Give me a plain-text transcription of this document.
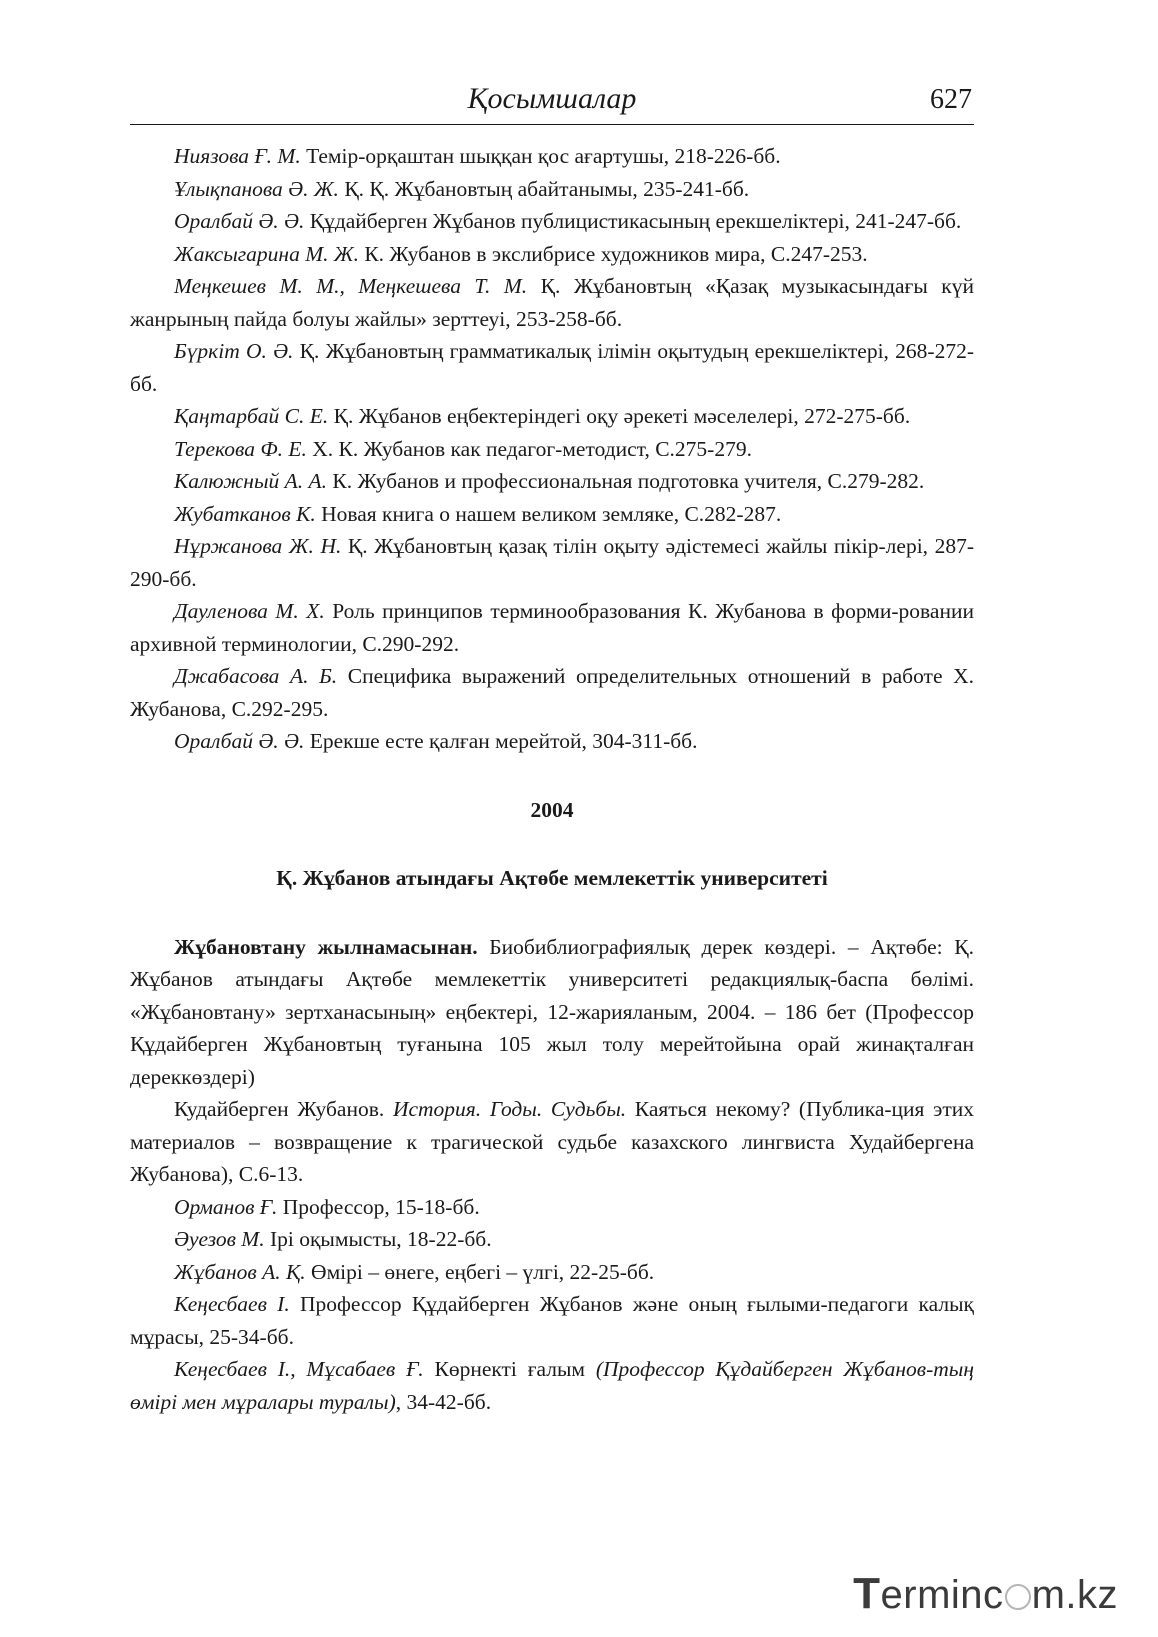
Қосымшалар	627

Ниязова Ғ. М. Темір-орқаштан шыққан қос ағартушы, 218-226-бб.

Ұлықпанова Ә. Ж. Қ. Қ. Жұбановтың абайтанымы, 235-241-бб.

Оралбай Ә. Ә. Құдайберген Жұбанов публицистикасының ерекшеліктері, 241-247-бб.

Жаксыгарина М. Ж. К. Жубанов в экслибрисе художников мира, С.247-253.

Меңкешев М. М., Меңкешева Т. М. Қ. Жұбановтың «Қазақ музыкасындағы күй жанрының пайда болуы жайлы» зерттеуі, 253-258-бб.

Бүркіт О. Ә. Қ. Жұбановтың грамматикалық ілімін оқытудың ерекшеліктері, 268-272-бб.

Қаңтарбай С. Е. Қ. Жұбанов еңбектеріндегі оқу әрекеті мәселелері, 272-275-бб.

Терекова Ф. Е. Х. К. Жубанов как педагог-методист, С.275-279.

Калюжный А. А. К. Жубанов и профессиональная подготовка учителя, С.279-282.

Жубатканов К. Новая книга о нашем великом земляке, С.282-287.

Нұржанова Ж. Н. Қ. Жұбановтың қазақ тілін оқыту әдістемесі жайлы пікір-лері, 287-290-бб.

Дауленова М. Х. Роль принципов терминообразования К. Жубанова в форми-ровании архивной терминологии, С.290-292.

Джабасова А. Б. Специфика выражений определительных отношений в работе Х. Жубанова, С.292-295.

Оралбай Ә. Ә. Ерекше есте қалған мерейтой, 304-311-бб.

2004

Қ. Жұбанов атындағы Ақтөбе мемлекеттік университеті

Жұбановтану жылнамасынан. Биобиблиографиялық дерек көздері. – Ақтөбе: Қ. Жұбанов атындағы Ақтөбе мемлекеттік университеті редакциялық-баспа бөлімі. «Жұбановтану» зертханасының» еңбектері, 12-жарияланым, 2004. – 186 бет (Профессор Құдайберген Жұбановтың туғанына 105 жыл толу мерейтойына орай жинақталған дереккөздері)

Кудайберген Жубанов. История. Годы. Судьбы. Каяться некому? (Публика-ция этих материалов – возвращение к трагической судьбе казахского лингвиста Худайбергена Жубанова), С.6-13.

Орманов Ғ. Профессор, 15-18-бб.

Әуезов М. Ірі оқымысты, 18-22-бб.

Жұбанов А. Қ. Өмірі – өнеге, еңбегі – үлгі, 22-25-бб.

Кеңесбаев І. Профессор Құдайберген Жұбанов және оның ғылыми-педагоги калық мұрасы, 25-34-бб.

Кеңесбаев І., Мұсабаев Ғ. Көрнекті ғалым (Профессор Құдайберген Жұбанов-тың өмірі мен мұралары туралы), 34-42-бб.

Terminc m.kz
